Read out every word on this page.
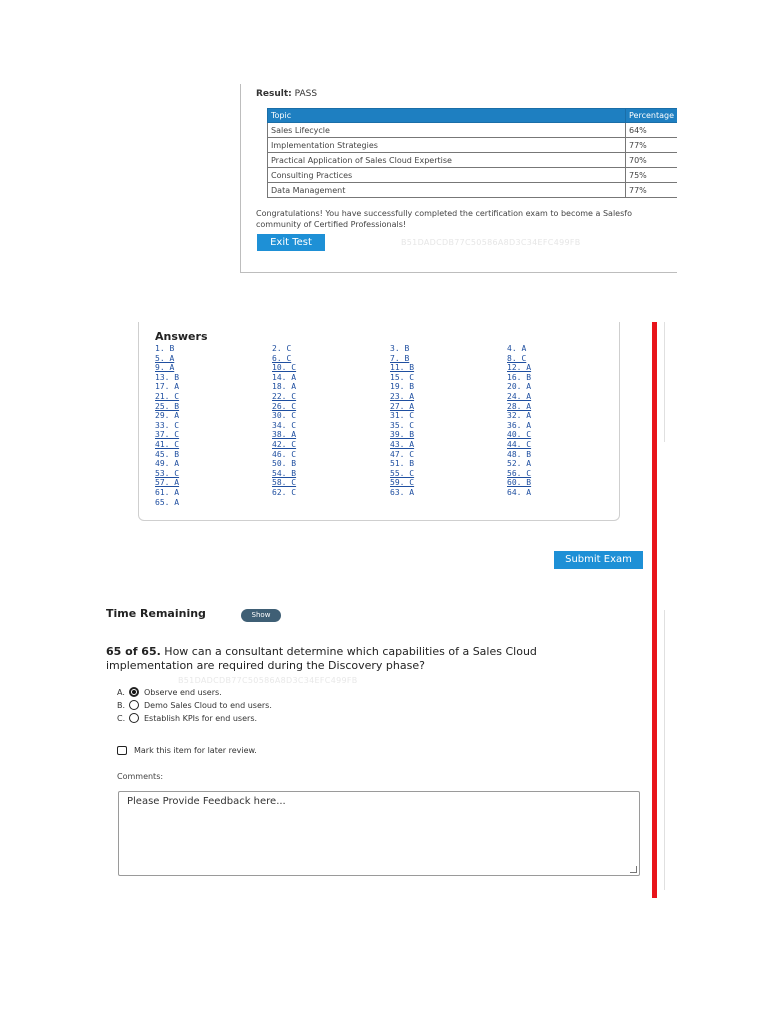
Result: PASS
Topic	Percentage
Sales Lifecycle	64%
Implementation Strategies	77%
Practical Application of Sales Cloud Expertise	70%
Consulting Practices	75%
Data Management	77%
Congratulations! You have successfully completed the certification exam to become a Salesfo
community of Certified Professionals!
Exit Test	B51DADCDB77C50586A8D3C34EFC499FB
Answers
1. B	2. C	3. B	4. A
5. A	6. C	7. B	8. C
9. A	10. C	11. B	12. A
13. B	14. A	15. C	16. B
17. A	18. A	19. B	20. A
21. C	22. C	23. A	24. A
25. B	26. C	27. A	28. A
29. A	30. C	31. C	32. A
33. C	34. C	35. C	36. A
37. C	38. A	39. B	40. C
41. C	42. C	43. A	44. C
45. B	46. C	47. C	48. B
49. A	50. B	51. B	52. A
53. C	54. B	55. C	56. C
57. A	58. C	59. C	60. B
61. A	62. C	63. A	64. A
65. A
Submit Exam
Time Remaining	Show
65 of 65. How can a consultant determine which capabilities of a Sales Cloud implementation are required during the Discovery phase?
B51DADCDB77C50586A8D3C34EFC499FB
A.	Observe end users.
B.	Demo Sales Cloud to end users.
C.	Establish KPIs for end users.
Mark this item for later review.
Comments:
Please Provide Feedback here...
